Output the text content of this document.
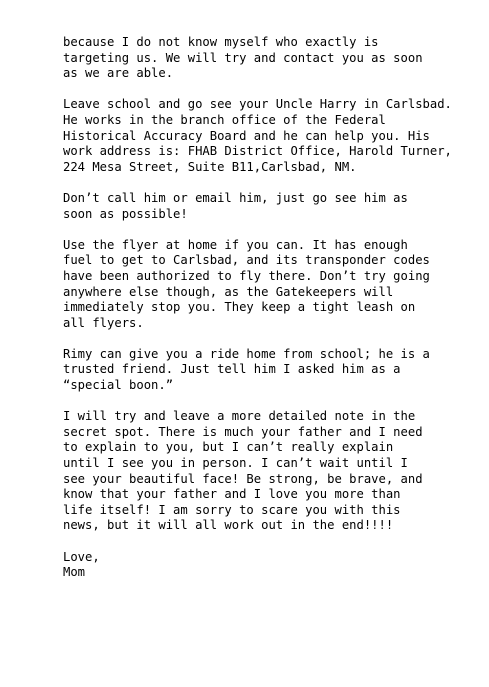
because I do not know myself who exactly is
targeting us. We will try and contact you as soon
as we are able.

Leave school and go see your Uncle Harry in Carlsbad.
He works in the branch office of the Federal
Historical Accuracy Board and he can help you. His
work address is: FHAB District Office, Harold Turner,
224 Mesa Street, Suite B11,Carlsbad, NM.

Don’t call him or email him, just go see him as
soon as possible!

Use the flyer at home if you can. It has enough
fuel to get to Carlsbad, and its transponder codes
have been authorized to fly there. Don’t try going
anywhere else though, as the Gatekeepers will
immediately stop you. They keep a tight leash on
all flyers.

Rimy can give you a ride home from school; he is a
trusted friend. Just tell him I asked him as a
“special boon.”

I will try and leave a more detailed note in the
secret spot. There is much your father and I need
to explain to you, but I can’t really explain
until I see you in person. I can’t wait until I
see your beautiful face! Be strong, be brave, and
know that your father and I love you more than
life itself! I am sorry to scare you with this
news, but it will all work out in the end!!!!

Love,
Mom
